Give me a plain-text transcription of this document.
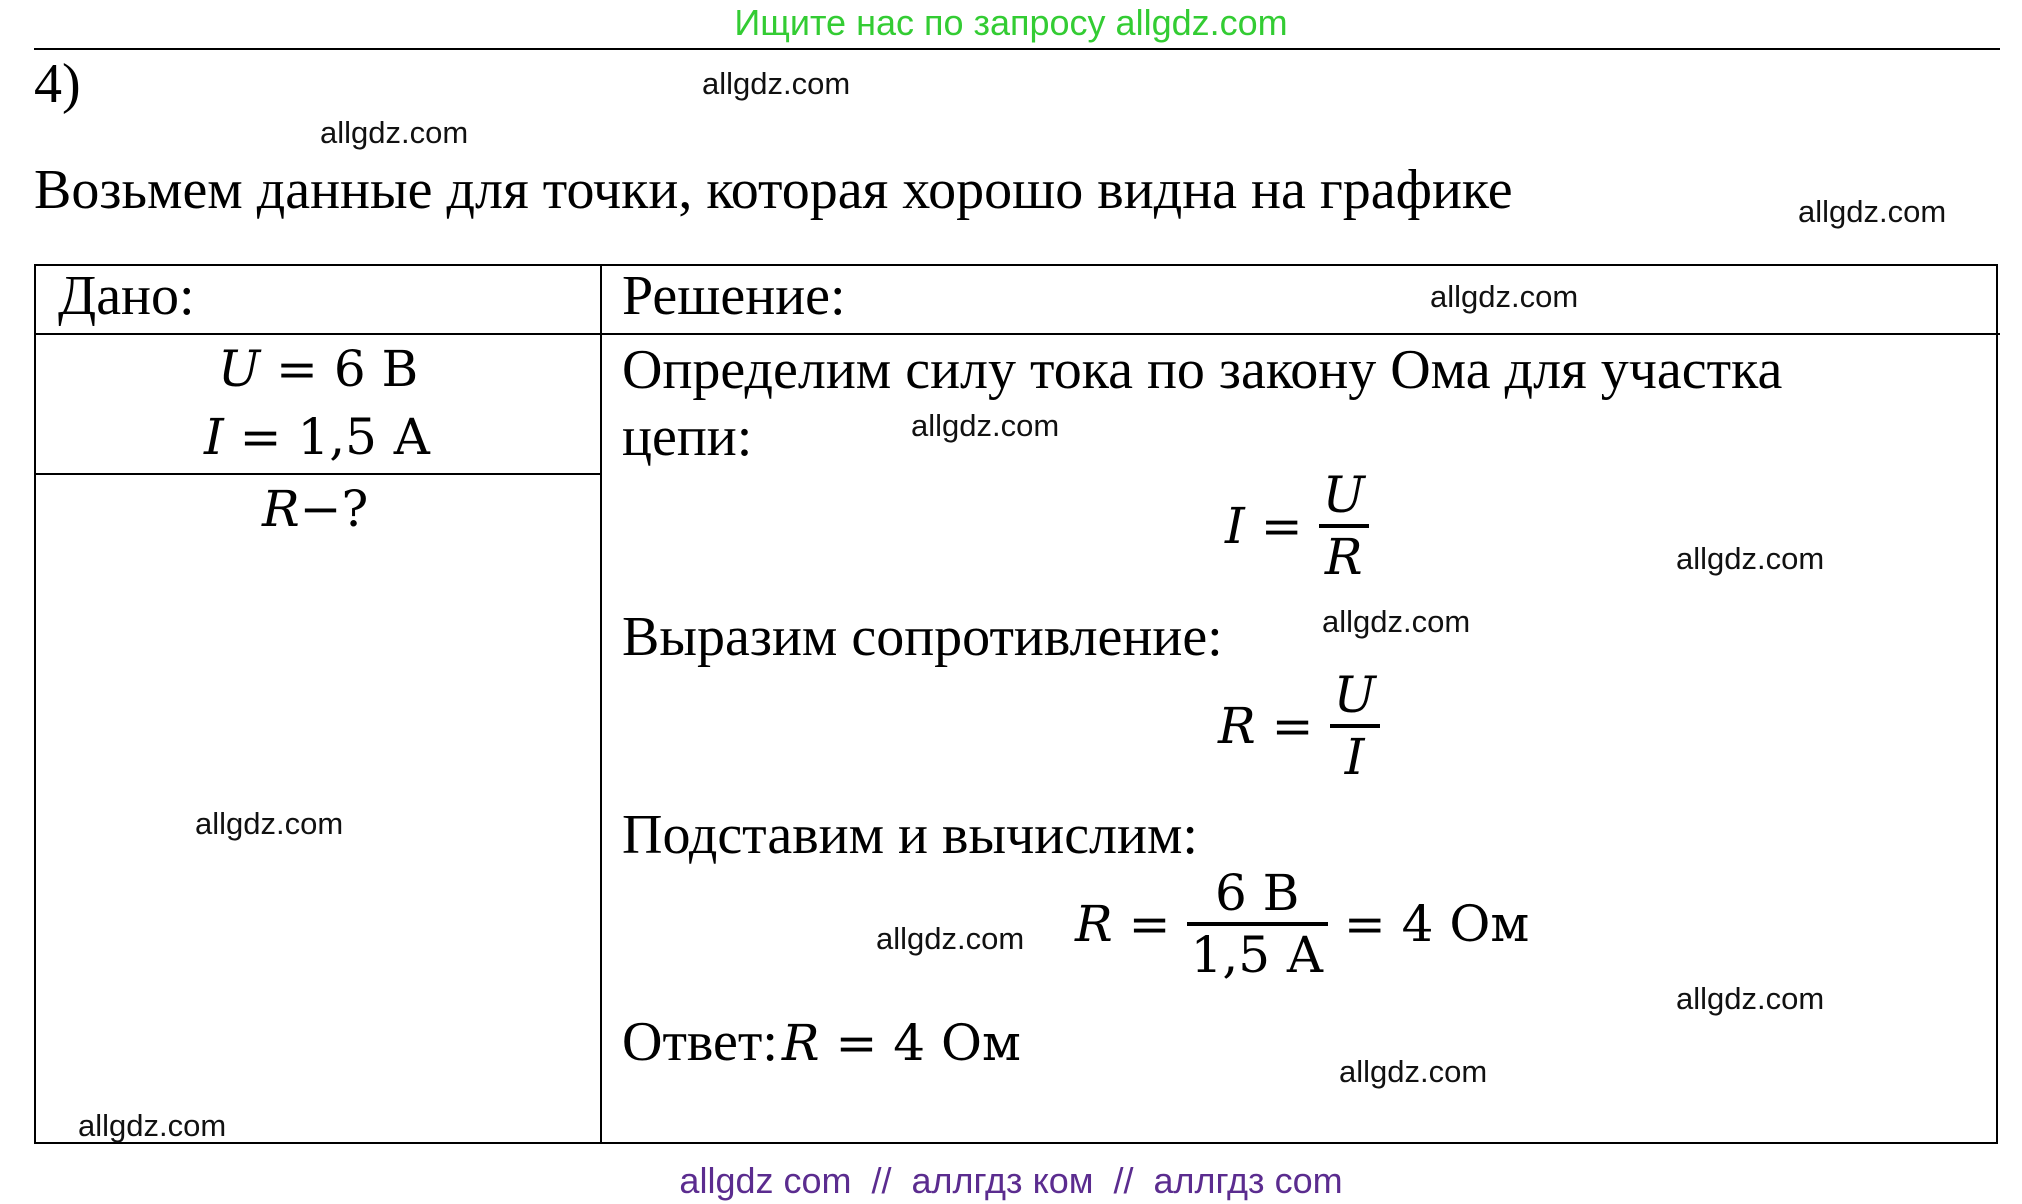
Ищите нас по запросу allgdz.com
4)
Возьмем данные для точки, которая хорошо видна на графике
Дано:	Решение:
U = 6 В
I = 1,5 А
R−?
Определим силу тока по закону Ома для участка
цепи:
$I = \frac{U}{R}$
Выразим сопротивление:
$R = \frac{U}{I}$
Подставим и вычислим:
$R = \frac{6 В}{1,5 А} = 4$ Ом
Ответ: R = 4 Ом
allgdz.com
allgdz.com
allgdz.com
allgdz.com
allgdz.com
allgdz.com
allgdz.com
allgdz.com
allgdz.com
allgdz.com
allgdz.com
allgdz.com
allgdz com  //  аллгдз ком  //  аллгдз com
